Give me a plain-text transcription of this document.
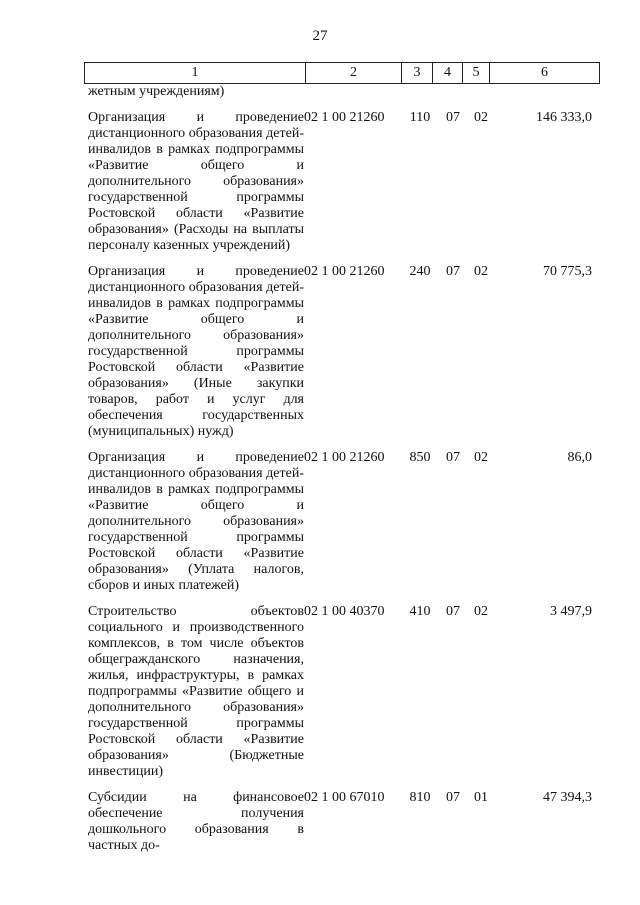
27
1	2	3	4	5	6
жетным учреждениям)
Организация и проведение дистанционного образования детей-инвалидов в рамках подпрограммы «Развитие общего и дополнительного образования» государственной программы Ростовской области «Развитие образования» (Расходы на выплаты персоналу казенных учреждений)
02 1 00 21260	110	07	02	146 333,0
Организация и проведение дистанционного образования детей-инвалидов в рамках подпрограммы «Развитие общего и дополнительного образования» государственной программы Ростовской области «Развитие образования» (Иные закупки товаров, работ и услуг для обеспечения государственных (муниципальных) нужд)
02 1 00 21260	240	07	02	70 775,3
Организация и проведение дистанционного образования детей-инвалидов в рамках подпрограммы «Развитие общего и дополнительного образования» государственной программы Ростовской области «Развитие образования» (Уплата налогов, сборов и иных платежей)
02 1 00 21260	850	07	02	86,0
Строительство объектов социального и производственного комплексов, в том числе объектов общегражданского назначения, жилья, инфраструктуры, в рамках подпрограммы «Развитие общего и дополнительного образования» государственной программы Ростовской области «Развитие образования» (Бюджетные инвестиции)
02 1 00 40370	410	07	02	3 497,9
Субсидии на финансовое обеспечение получения дошкольного образования в частных до-
02 1 00 67010	810	07	01	47 394,3
